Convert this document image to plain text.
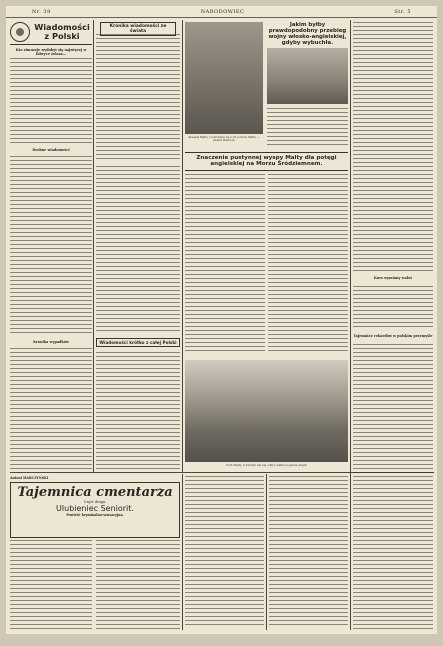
Nr. 39	NARODOWIEC	Str. 5
Wiadomości z Polski
Kto zimuzzje wydobyt się najwięcej w fabryce żelaza…
Drobne wiadomości
Kronika wypadków
Kronika wiadomości ze świata
Wiadomości krótko z całej Polski
Arsenał Malty z widokiem na port portów Malty — Grand Harbour
Jakim byłby prawdopodobny przebieg wojny włosko-angielskiej, gdyby wybuchła.
Znaczenie pustynnej wyspy Malty dla potęgi angielskiej na Morzu Śródziemnem.
Port Malty, w którym ma się odbyć walka wojenna Anglii
Kurs wymiany walut
Tajemnice rekordów w polskim przemyśle
Antoni MARCZYŃSKI
Tajemnica cmentarza
Część druga:
Ulubieniec Seniorit.
Powieść kryminalna-sensacyjna.
